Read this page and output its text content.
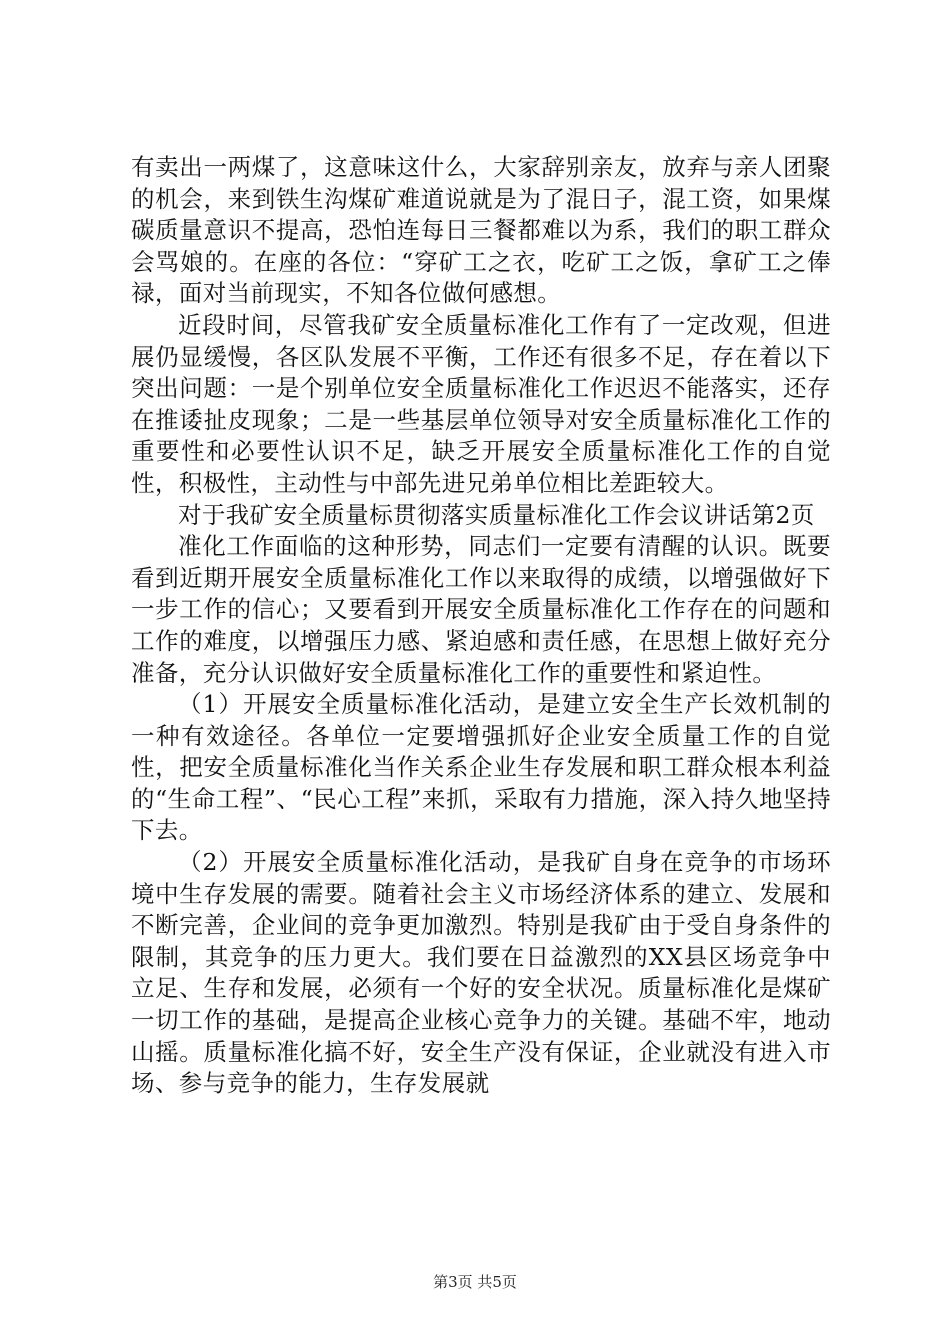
有卖出一两煤了，这意味这什么，大家辞别亲友，放弃与亲人团聚的机会，来到铁生沟煤矿难道说就是为了混日子，混工资，如果煤碳质量意识不提高，恐怕连每日三餐都难以为系，我们的职工群众会骂娘的。在座的各位：“穿矿工之衣，吃矿工之饭，拿矿工之俸禄，面对当前现实，不知各位做何感想。

近段时间，尽管我矿安全质量标准化工作有了一定改观，但进展仍显缓慢，各区队发展不平衡，工作还有很多不足，存在着以下突出问题：一是个别单位安全质量标准化工作迟迟不能落实，还存在推诿扯皮现象；二是一些基层单位领导对安全质量标准化工作的重要性和必要性认识不足，缺乏开展安全质量标准化工作的自觉性，积极性，主动性与中部先进兄弟单位相比差距较大。

对于我矿安全质量标贯彻落实质量标准化工作会议讲话第2页

准化工作面临的这种形势，同志们一定要有清醒的认识。既要看到近期开展安全质量标准化工作以来取得的成绩，以增强做好下一步工作的信心；又要看到开展安全质量标准化工作存在的问题和工作的难度，以增强压力感、紧迫感和责任感，在思想上做好充分准备，充分认识做好安全质量标准化工作的重要性和紧迫性。

（1）开展安全质量标准化活动，是建立安全生产长效机制的一种有效途径。各单位一定要增强抓好企业安全质量工作的自觉性，把安全质量标准化当作关系企业生存发展和职工群众根本利益的“生命工程”、“民心工程”来抓，采取有力措施，深入持久地坚持下去。

（2）开展安全质量标准化活动，是我矿自身在竞争的市场环境中生存发展的需要。随着社会主义市场经济体系的建立、发展和不断完善，企业间的竞争更加激烈。特别是我矿由于受自身条件的限制，其竞争的压力更大。我们要在日益激烈的XX县区场竞争中立足、生存和发展，必须有一个好的安全状况。质量标准化是煤矿一切工作的基础，是提高企业核心竞争力的关键。基础不牢，地动山摇。质量标准化搞不好，安全生产没有保证，企业就没有进入市场、参与竞争的能力，生存发展就

第3页 共5页
